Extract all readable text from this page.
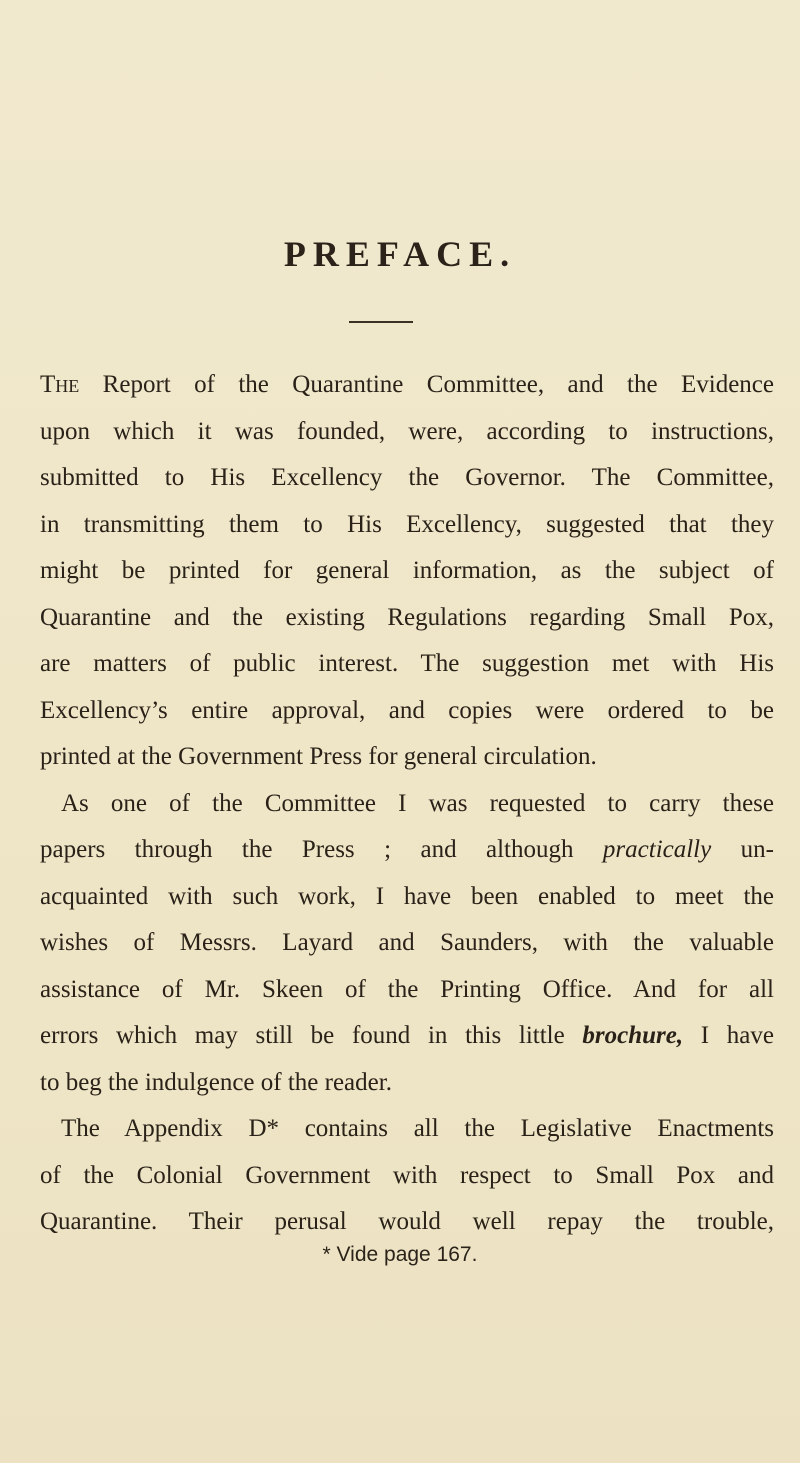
PREFACE.
The Report of the Quarantine Committee, and the Evidence
upon which it was founded, were, according to instructions,
submitted to His Excellency the Governor. The Committee,
in transmitting them to His Excellency, suggested that they
might be printed for general information, as the subject of
Quarantine and the existing Regulations regarding Small Pox,
are matters of public interest. The suggestion met with His
Excellency’s entire approval, and copies were ordered to be
printed at the Government Press for general circulation.
As one of the Committee I was requested to carry these
papers through the Press ; and although practically un-
acquainted with such work, I have been enabled to meet the
wishes of Messrs. Layard and Saunders, with the valuable
assistance of Mr. Skeen of the Printing Office. And for all
errors which may still be found in this little brochure, I have
to beg the indulgence of the reader.
The Appendix D* contains all the Legislative Enactments
of the Colonial Government with respect to Small Pox and
Quarantine. Their perusal would well repay the trouble,
* Vide page 167.
